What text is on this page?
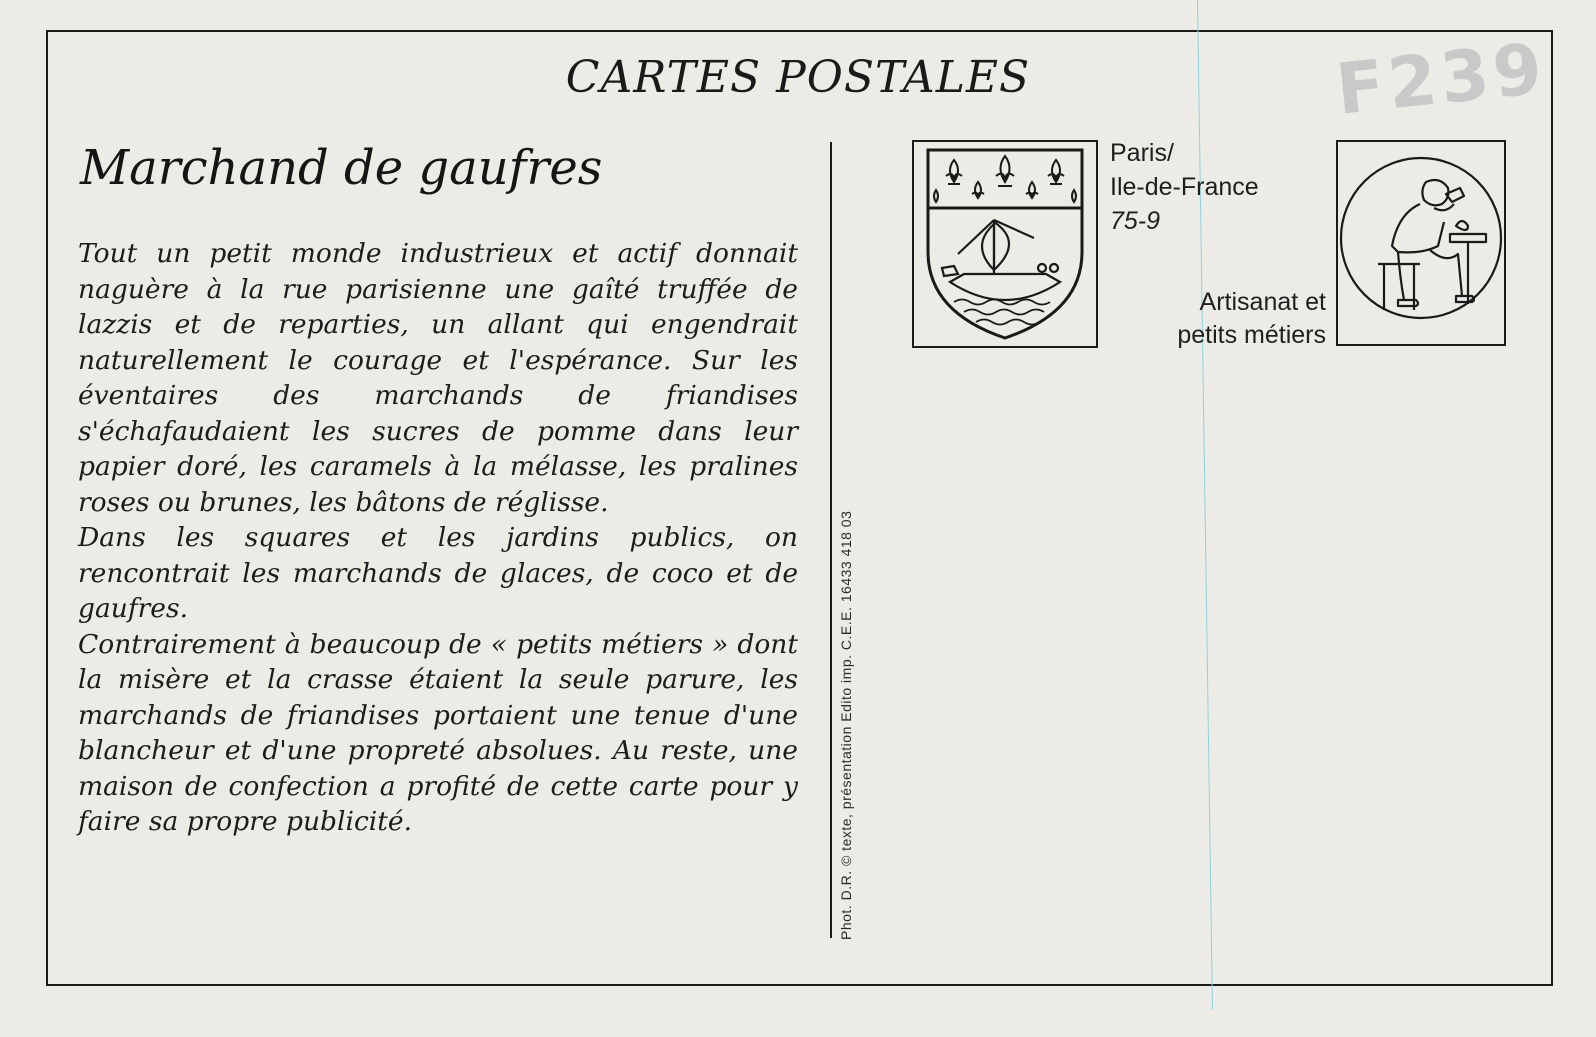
CARTES POSTALES	F239
Marchand de gaufres

Tout un petit monde industrieux et actif donnait naguère à la rue parisienne une gaîté truffée de lazzis et de reparties, un allant qui engendrait naturellement le courage et l'espérance. Sur les éventaires des marchands de friandises s'échafaudaient les sucres de pomme dans leur papier doré, les caramels à la mélasse, les pralines roses ou brunes, les bâtons de réglisse.

Dans les squares et les jardins publics, on rencontrait les marchands de glaces, de coco et de gaufres.

Contrairement à beaucoup de « petits métiers » dont la misère et la crasse étaient la seule parure, les marchands de friandises portaient une tenue d'une blancheur et d'une propreté absolues. Au reste, une maison de confection a profité de cette carte pour y faire sa propre publicité.	Phot. D.R. © texte, présentation Edito imp. C.E.E. 16433 418 03
Paris/
Ile-de-France
75-9
Artisanat et
petits métiers
